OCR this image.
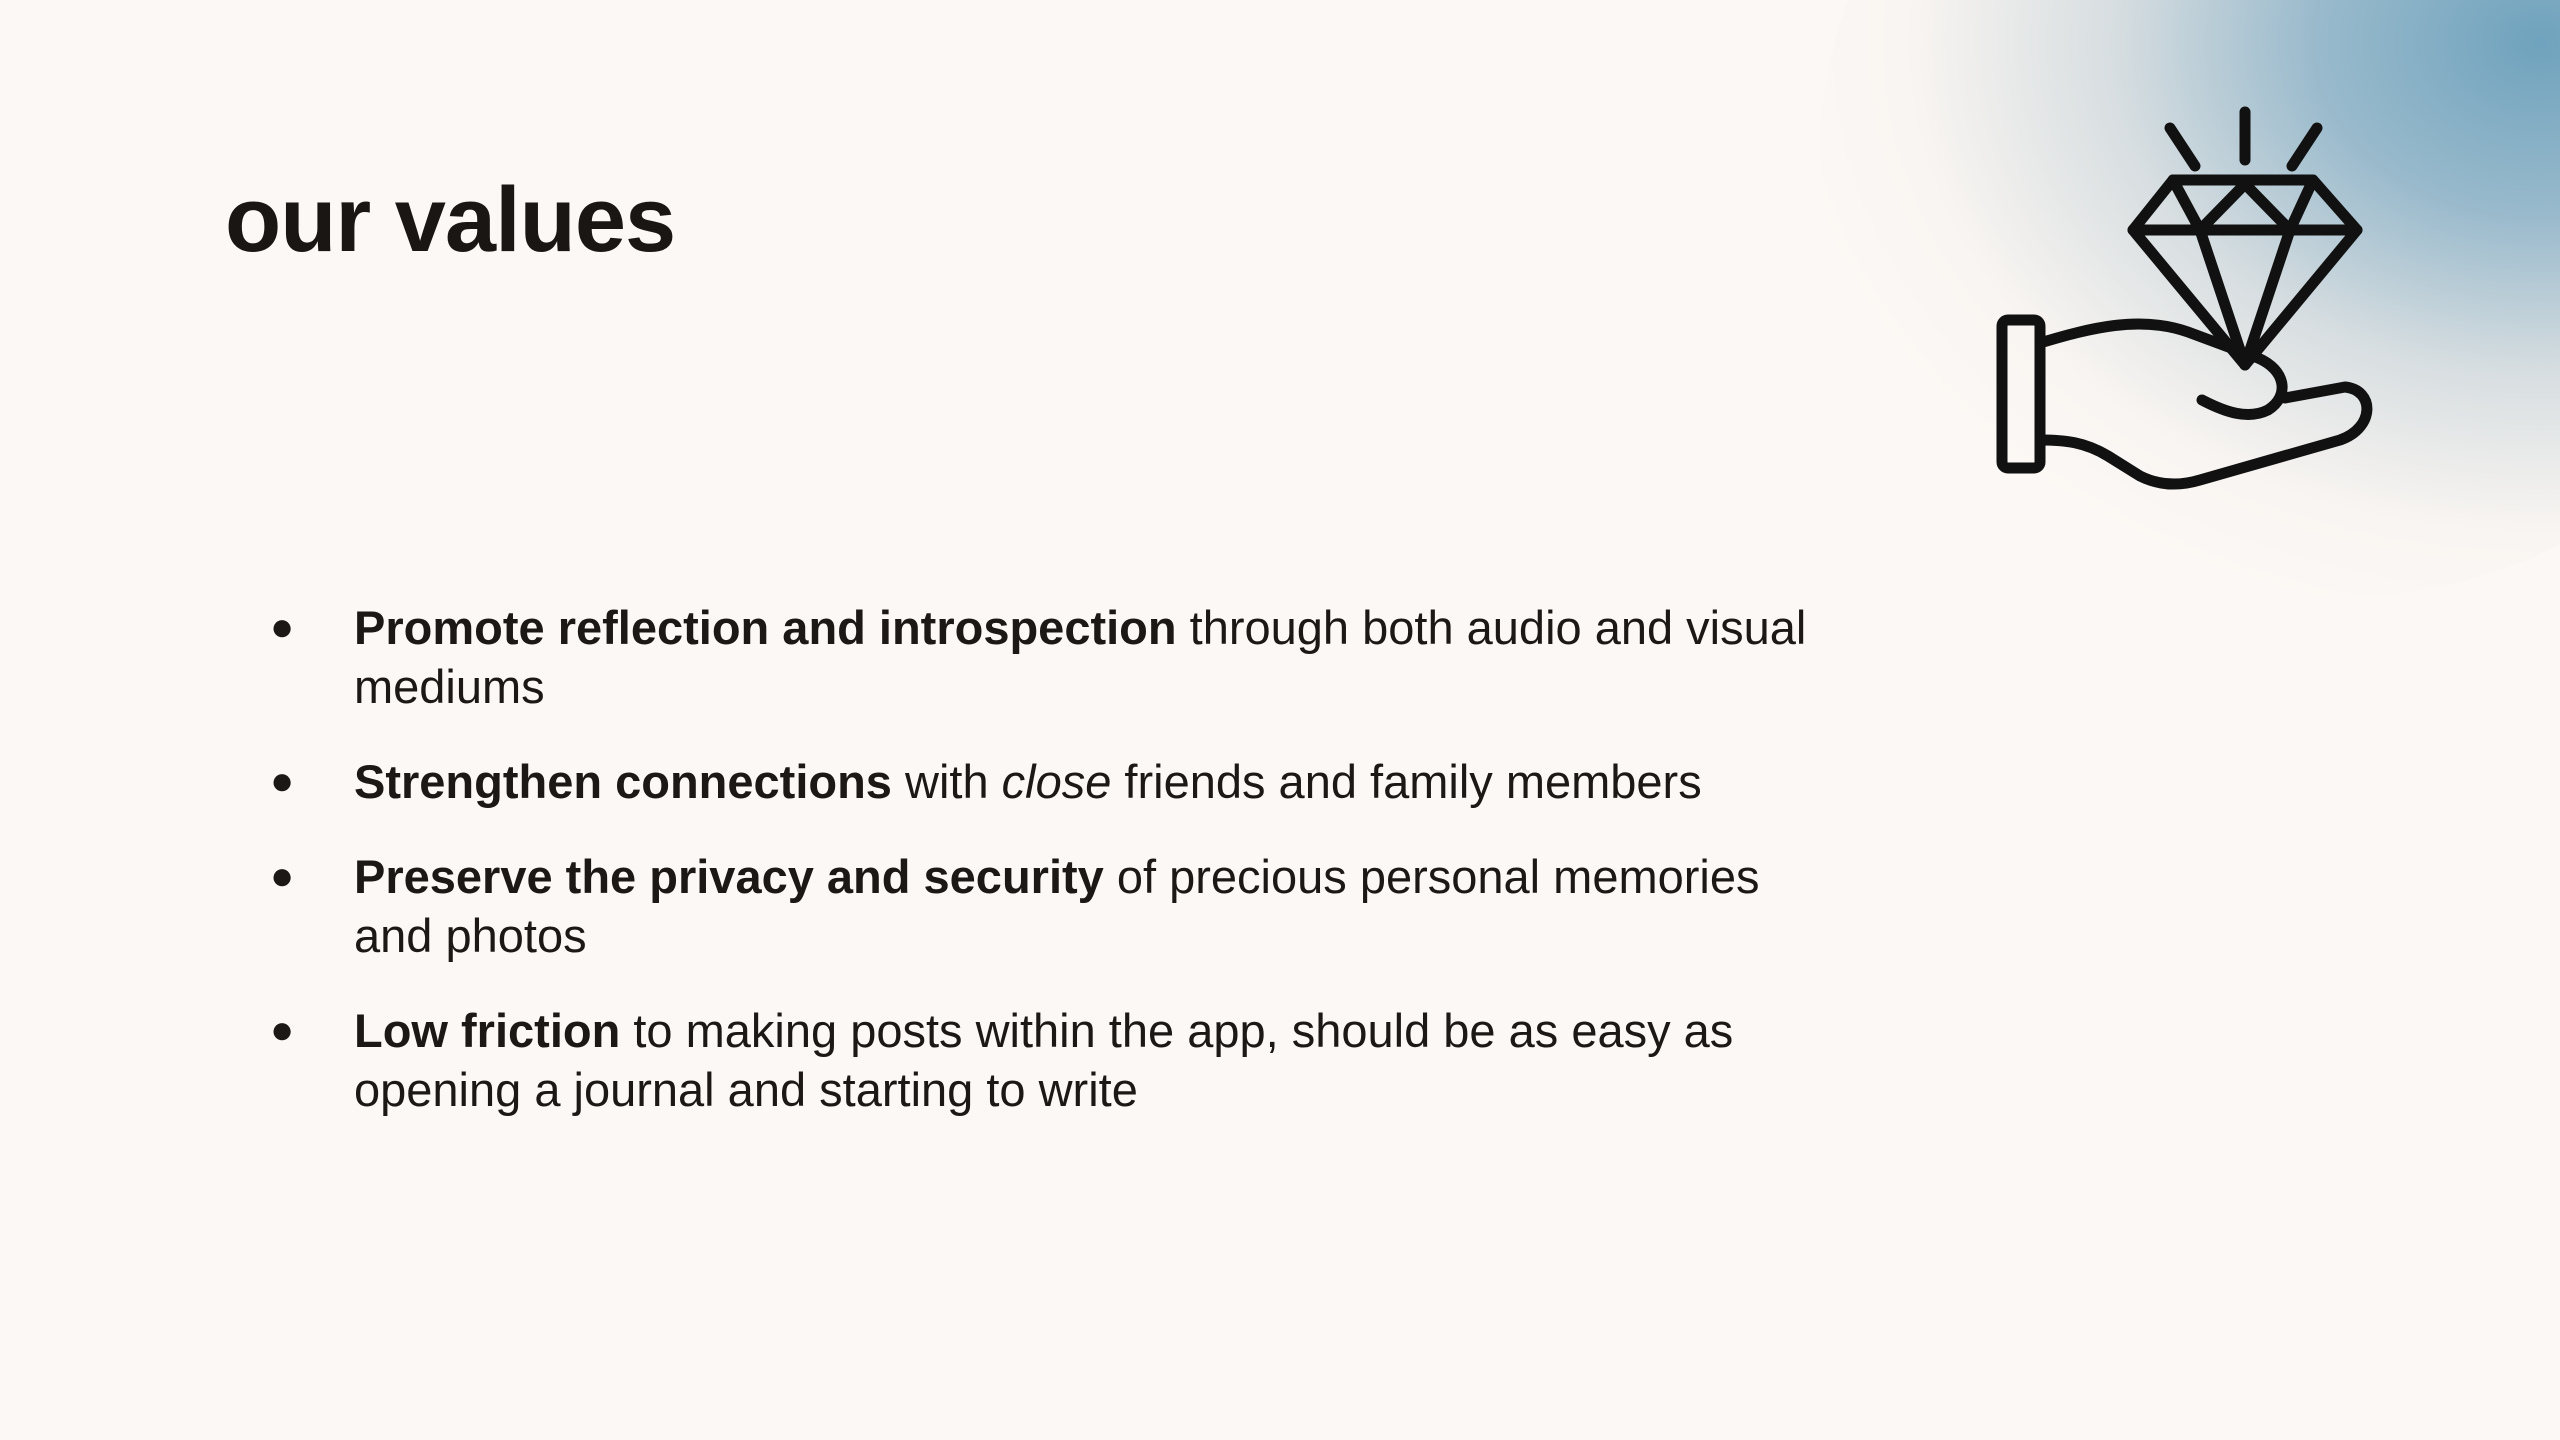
our values
● Promote reflection and introspection through both audio and visual mediums
● Strengthen connections with close friends and family members
● Preserve the privacy and security of precious personal memories and photos
● Low friction to making posts within the app, should be as easy as opening a journal and starting to write
